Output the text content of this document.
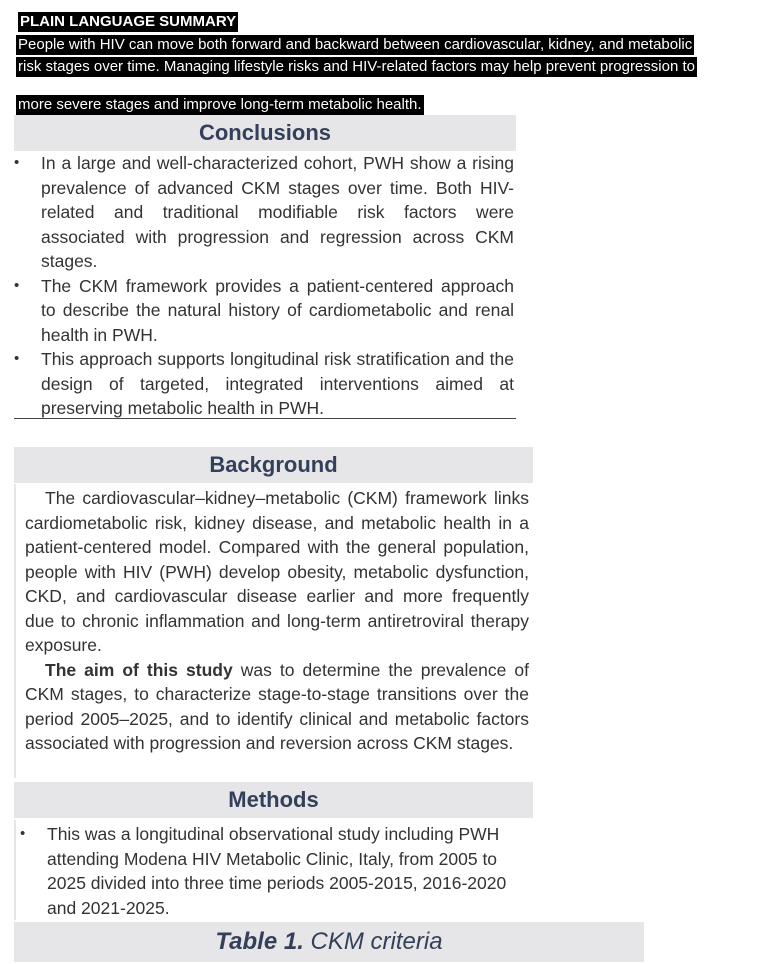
PLAIN LANGUAGE SUMMARY
People with HIV can move both forward and backward between cardiovascular, kidney, and metabolic
risk stages over time. Managing lifestyle risks and HIV-related factors may help prevent progression to
more severe stages and improve long-term metabolic health.
Conclusions
• In a large and well-characterized cohort, PWH show a rising prevalence of advanced CKM stages over time. Both HIV-related and traditional modifiable risk factors were associated with progression and regression across CKM stages.
• The CKM framework provides a patient-centered approach to describe the natural history of cardiometabolic and renal health in PWH.
• This approach supports longitudinal risk stratification and the design of targeted, integrated interventions aimed at preserving metabolic health in PWH.
Background

The cardiovascular–kidney–metabolic (CKM) framework links cardiometabolic risk, kidney disease, and metabolic health in a patient-centered model. Compared with the general population, people with HIV (PWH) develop obesity, metabolic dysfunction, CKD, and cardiovascular disease earlier and more frequently due to chronic inflammation and long-term antiretroviral therapy exposure.

The aim of this study was to determine the prevalence of CKM stages, to characterize stage-to-stage transitions over the period 2005–2025, and to identify clinical and metabolic factors associated with progression and reversion across CKM stages.

Methods
• This was a longitudinal observational study including PWH attending Modena HIV Metabolic Clinic, Italy, from 2005 to 2025 divided into three time periods 2005-2015, 2016-2020 and 2021-2025.
Table 1. CKM criteria
